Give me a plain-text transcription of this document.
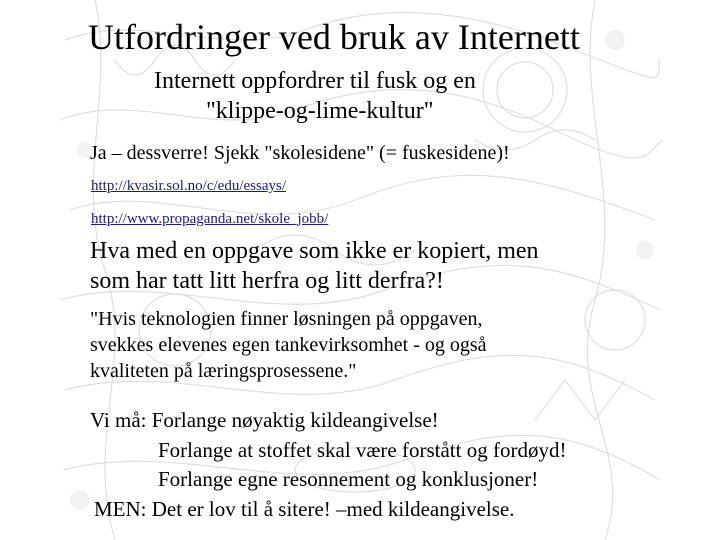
Utfordringer ved bruk av Internett
Internett oppfordrer til fusk og en
"klippe-og-lime-kultur"
Ja – dessverre! Sjekk "skolesidene" (= fuskesidene)!
http://kvasir.sol.no/c/edu/essays/
http://www.propaganda.net/skole_jobb/
Hva med en oppgave som ikke er kopiert, men
som har tatt litt herfra og litt derfra?!
"Hvis teknologien finner løsningen på oppgaven,
svekkes elevenes egen tankevirksomhet - og også
kvaliteten på læringsprosessene."
Vi må: Forlange nøyaktig kildeangivelse!
Forlange at stoffet skal være forstått og fordøyd!
Forlange egne resonnement og konklusjoner!
MEN: Det er lov til å sitere! –med kildeangivelse.
